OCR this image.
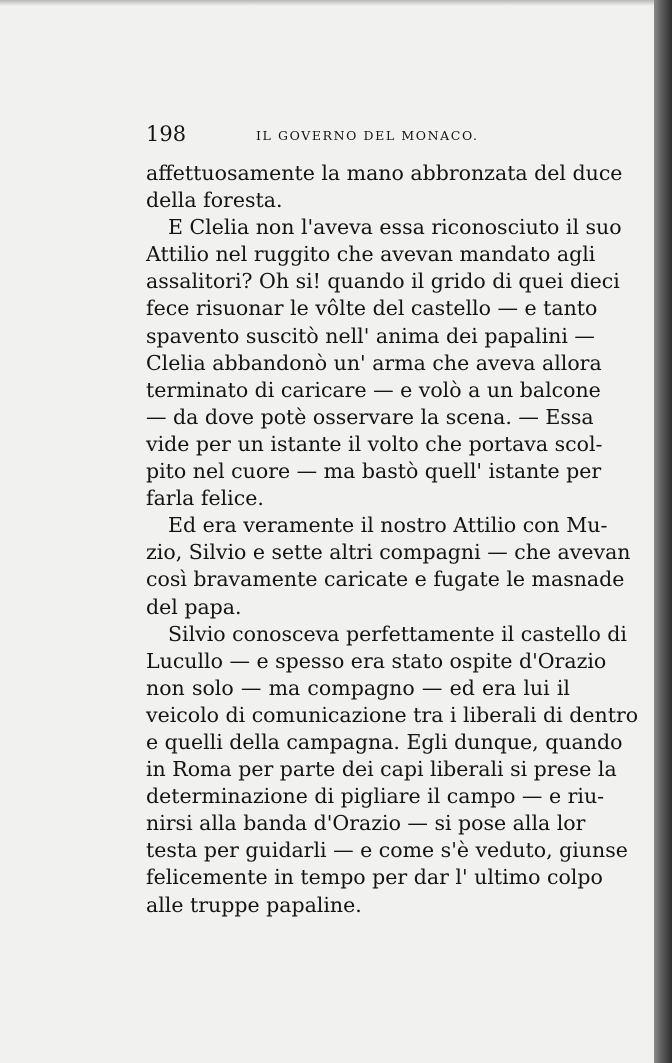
198	IL GOVERNO DEL MONACO.
affettuosamente la mano abbronzata del duce
della foresta.
E Clelia non l'aveva essa riconosciuto il suo
Attilio nel ruggito che avevan mandato agli
assalitori? Oh si! quando il grido di quei dieci
fece risuonar le vôlte del castello — e tanto
spavento suscitò nell' anima dei papalini —
Clelia abbandonò un' arma che aveva allora
terminato di caricare — e volò a un balcone
— da dove potè osservare la scena. — Essa
vide per un istante il volto che portava scol-
pito nel cuore — ma bastò quell' istante per
farla felice.
Ed era veramente il nostro Attilio con Mu-
zio, Silvio e sette altri compagni — che avevan
così bravamente caricate e fugate le masnade
del papa.
Silvio conosceva perfettamente il castello di
Lucullo — e spesso era stato ospite d'Orazio
non solo — ma compagno — ed era lui il
veicolo di comunicazione tra i liberali di dentro
e quelli della campagna. Egli dunque, quando
in Roma per parte dei capi liberali si prese la
determinazione di pigliare il campo — e riu-
nirsi alla banda d'Orazio — si pose alla lor
testa per guidarli — e come s'è veduto, giunse
felicemente in tempo per dar l' ultimo colpo
alle truppe papaline.
